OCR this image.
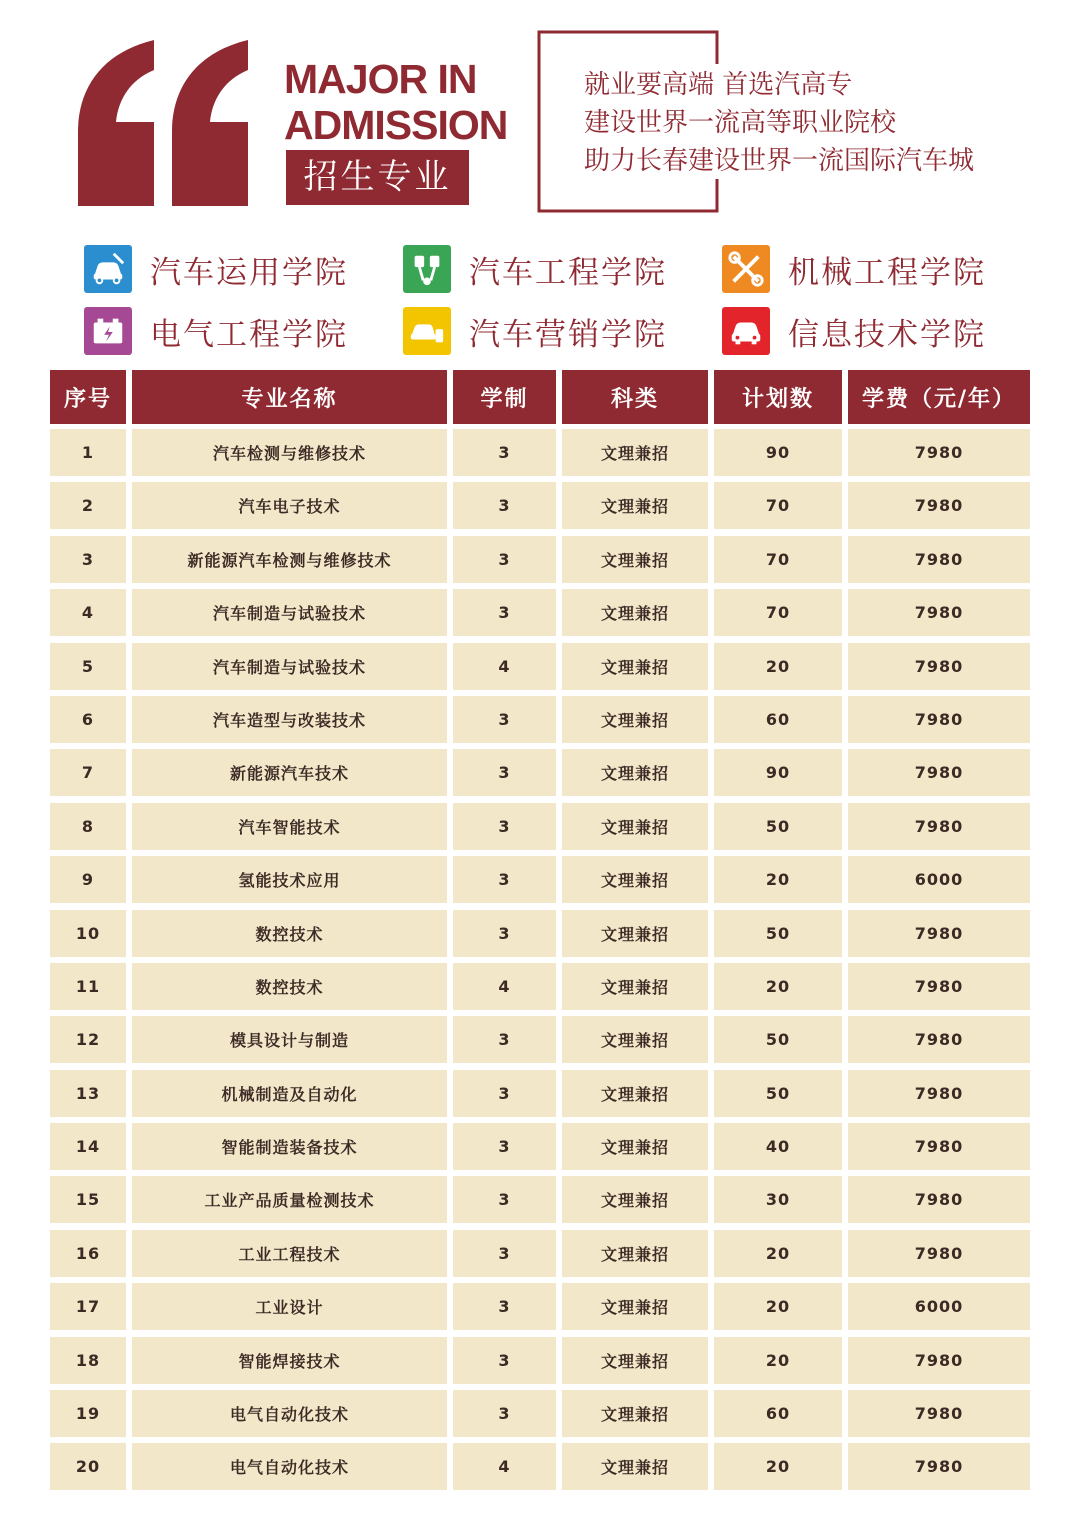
MAJOR IN
ADMISSION
招生专业
就业要高端 首选汽高专
建设世界一流高等职业院校
助力长春建设世界一流国际汽车城
汽车运用学院	汽车工程学院	机械工程学院
电气工程学院	汽车营销学院	信息技术学院
序号	专业名称	学制	科类	计划数	学费（元/年）
1	汽车检测与维修技术	3	文理兼招	90	7980
2	汽车电子技术	3	文理兼招	70	7980
3	新能源汽车检测与维修技术	3	文理兼招	70	7980
4	汽车制造与试验技术	3	文理兼招	70	7980
5	汽车制造与试验技术	4	文理兼招	20	7980
6	汽车造型与改装技术	3	文理兼招	60	7980
7	新能源汽车技术	3	文理兼招	90	7980
8	汽车智能技术	3	文理兼招	50	7980
9	氢能技术应用	3	文理兼招	20	6000
10	数控技术	3	文理兼招	50	7980
11	数控技术	4	文理兼招	20	7980
12	模具设计与制造	3	文理兼招	50	7980
13	机械制造及自动化	3	文理兼招	50	7980
14	智能制造装备技术	3	文理兼招	40	7980
15	工业产品质量检测技术	3	文理兼招	30	7980
16	工业工程技术	3	文理兼招	20	7980
17	工业设计	3	文理兼招	20	6000
18	智能焊接技术	3	文理兼招	20	7980
19	电气自动化技术	3	文理兼招	60	7980
20	电气自动化技术	4	文理兼招	20	7980
